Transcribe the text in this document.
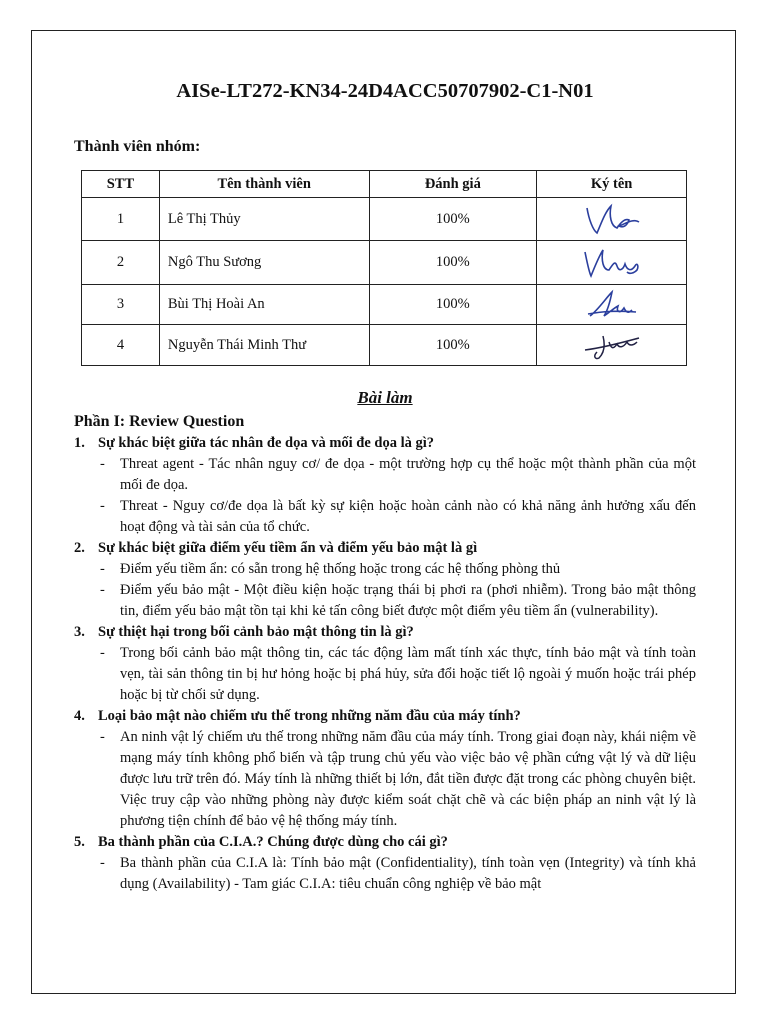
AISe-LT272-KN34-24D4ACC50707902-C1-N01
Thành viên nhóm:
STT	Tên thành viên	Đánh giá	Ký tên
1	Lê Thị Thủy	100%	

2	Ngô Thu Sương	100%	

3	Bùi Thị Hoài An	100%	

4	Nguyễn Thái Minh Thư	100%	
Bài làm
Phần I: Review Question
1. Sự khác biệt giữa tác nhân đe dọa và mối đe dọa là gì?
- Threat agent - Tác nhân nguy cơ/ đe dọa - một trường hợp cụ thể hoặc một thành phần của một mối đe dọa.
- Threat - Nguy cơ/đe dọa là bất kỳ sự kiện hoặc hoàn cảnh nào có khả năng ảnh hưởng xấu đến hoạt động và tài sản của tổ chức.
2. Sự khác biệt giữa điểm yếu tiềm ẩn và điểm yếu bảo mật là gì
- Điểm yếu tiềm ẩn: có sẵn trong hệ thống hoặc trong các hệ thống phòng thủ
- Điểm yếu bảo mật - Một điều kiện hoặc trạng thái bị phơi ra (phơi nhiễm). Trong bảo mật thông tin, điểm yếu bảo mật tồn tại khi kẻ tấn công biết được một điểm yêu tiềm ẩn (vulnerability).
3. Sự thiệt hại trong bối cảnh bảo mật thông tin là gì?
- Trong bối cảnh bảo mật thông tin, các tác động làm mất tính xác thực, tính bảo mật và tính toàn vẹn, tài sản thông tin bị hư hỏng hoặc bị phá hủy, sửa đổi hoặc tiết lộ ngoài ý muốn hoặc trái phép hoặc bị từ chối sử dụng.
4. Loại bảo mật nào chiếm ưu thế trong những năm đầu của máy tính?
- An ninh vật lý chiếm ưu thế trong những năm đầu của máy tính. Trong giai đoạn này, khái niệm về mạng máy tính không phổ biến và tập trung chủ yếu vào việc bảo vệ phần cứng vật lý và dữ liệu được lưu trữ trên đó. Máy tính là những thiết bị lớn, đắt tiền được đặt trong các phòng chuyên biệt. Việc truy cập vào những phòng này được kiểm soát chặt chẽ và các biện pháp an ninh vật lý là phương tiện chính để bảo vệ hệ thống máy tính.
5. Ba thành phần của C.I.A.? Chúng được dùng cho cái gì?
- Ba thành phần của C.I.A là: Tính bảo mật (Confidentiality), tính toàn vẹn (Integrity) và tính khả dụng (Availability) - Tam giác C.I.A: tiêu chuẩn công nghiệp về bảo mật
